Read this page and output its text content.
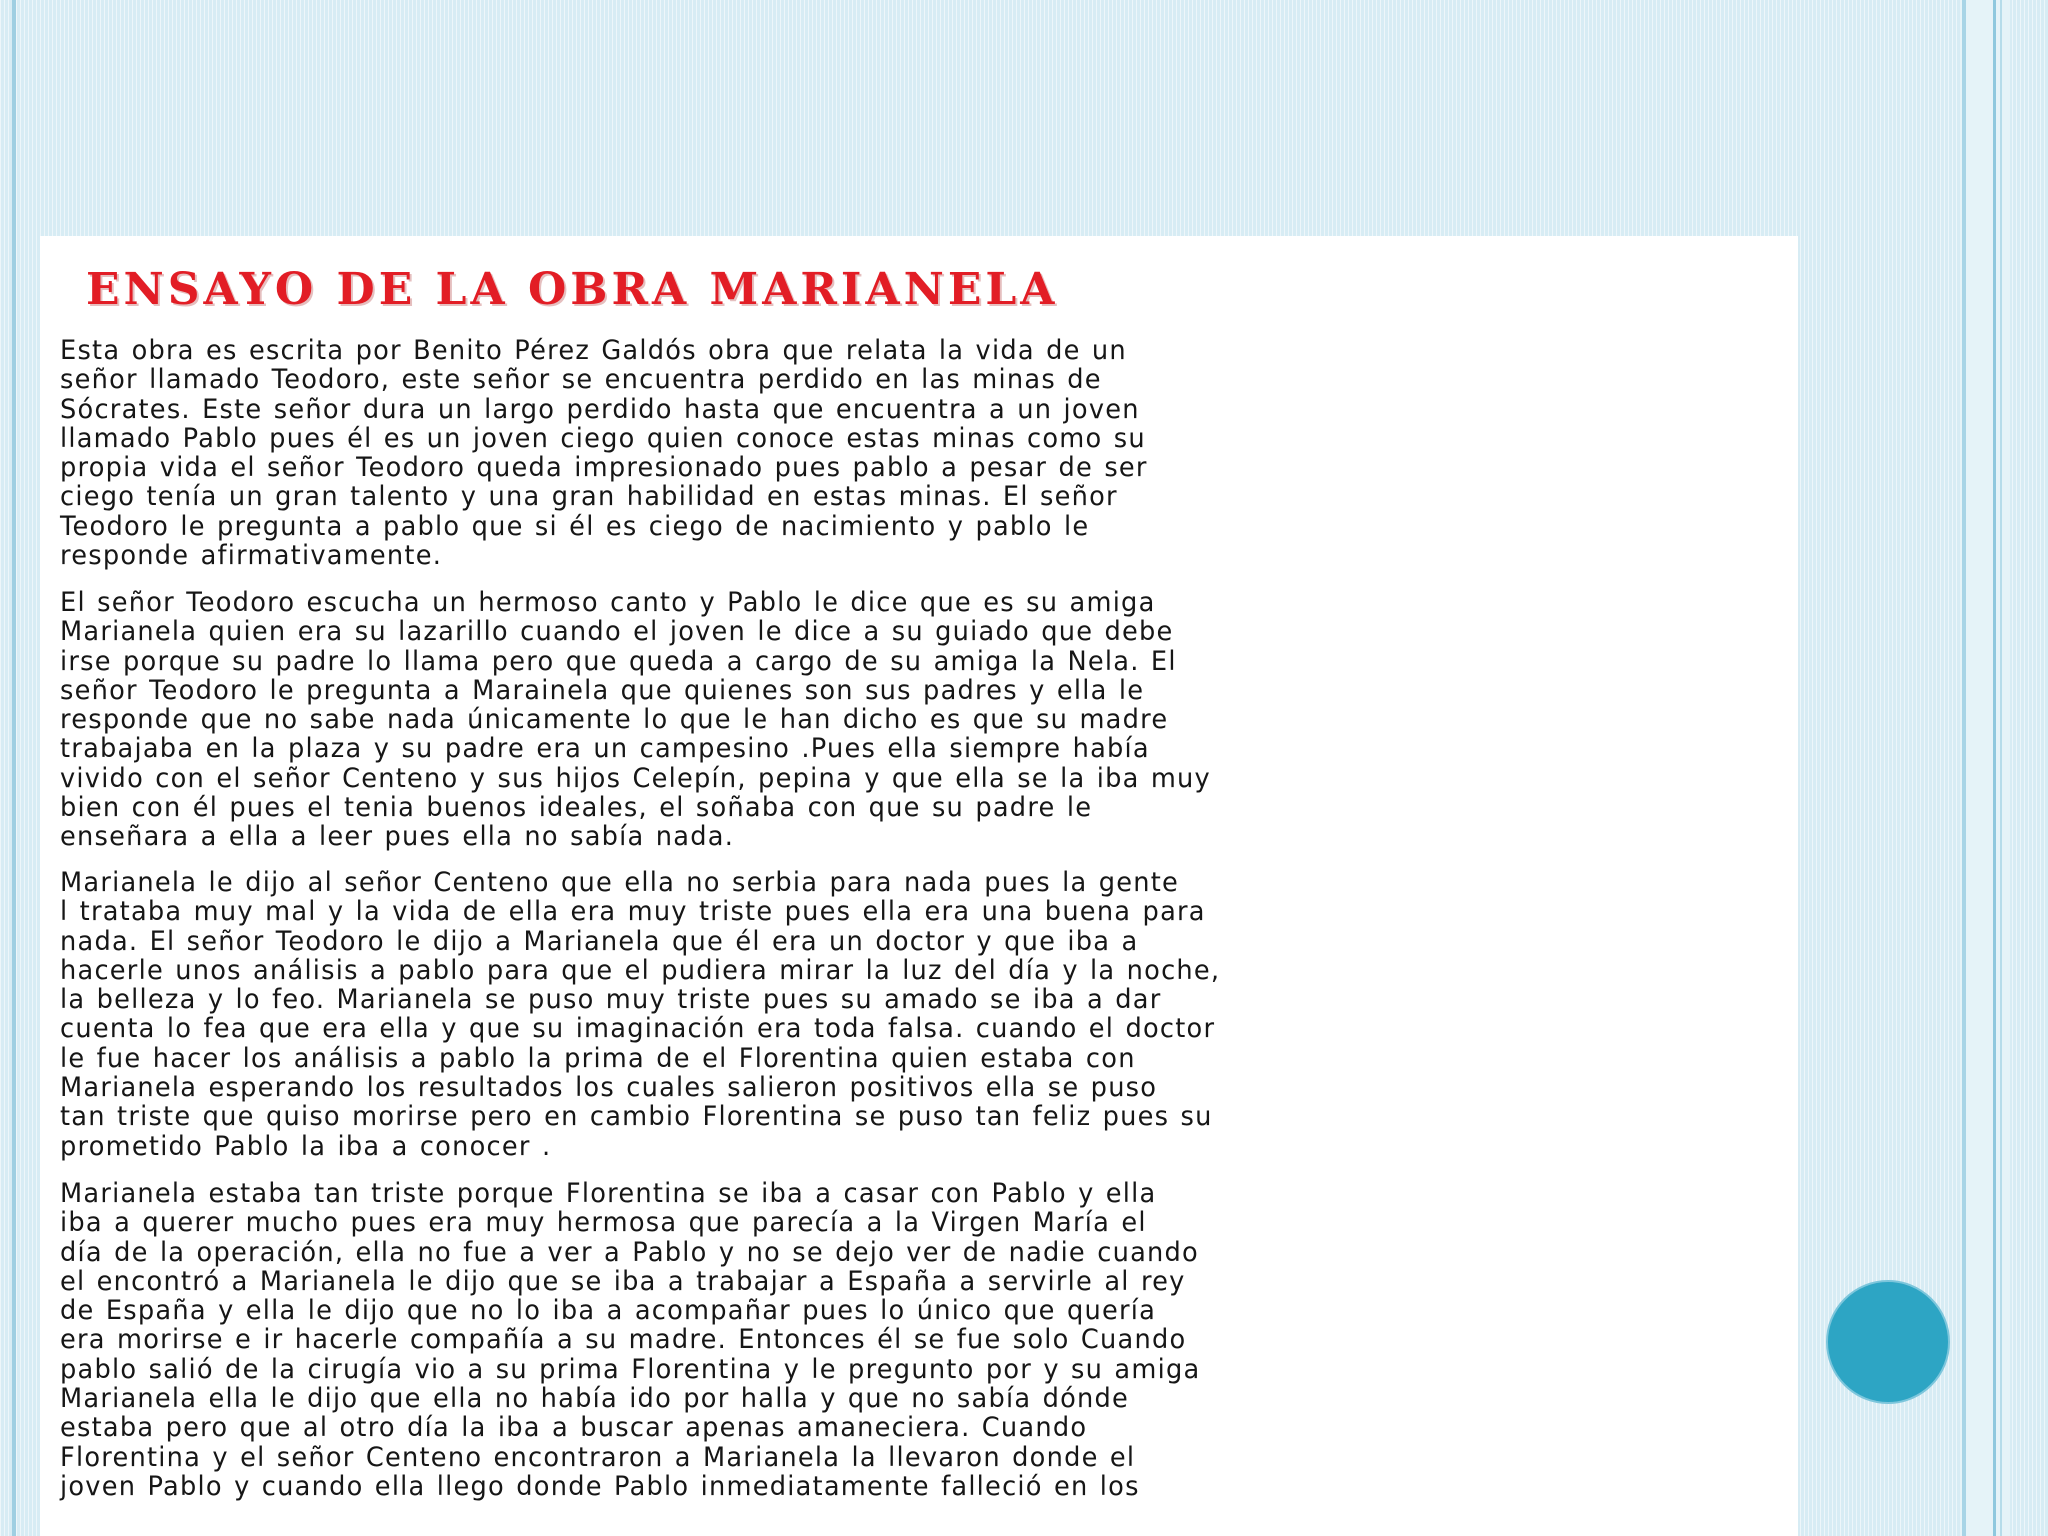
ENSAYO DE LA OBRA MARIANELA

Esta obra es escrita por Benito Pérez Galdós obra que relata la vida de un
señor llamado Teodoro, este señor se encuentra perdido en las minas de
Sócrates. Este señor dura un largo perdido hasta que encuentra a un joven
llamado Pablo pues él es un joven ciego quien conoce estas minas como su
propia vida el señor Teodoro queda impresionado pues pablo a pesar de ser
ciego tenía un gran talento y una gran habilidad en estas minas. El señor
Teodoro le pregunta a pablo que si él es ciego de nacimiento y pablo le
responde afirmativamente.

El señor Teodoro escucha un hermoso canto y Pablo le dice que es su amiga
Marianela quien era su lazarillo cuando el joven le dice a su guiado que debe
irse porque su padre lo llama pero que queda a cargo de su amiga la Nela. El
señor Teodoro le pregunta a Marainela que quienes son sus padres y ella le
responde que no sabe nada únicamente lo que le han dicho es que su madre
trabajaba en la plaza y su padre era un campesino .Pues ella siempre había
vivido con el señor Centeno y sus hijos Celepín, pepina y que ella se la iba muy
bien con él pues el tenia buenos ideales, el soñaba con que su padre le
enseñara a ella a leer pues ella no sabía nada.

Marianela le dijo al señor Centeno que ella no serbia para nada pues la gente
l trataba muy mal y la vida de ella era muy triste pues ella era una buena para
nada. El señor Teodoro le dijo a Marianela que él era un doctor y que iba a
hacerle unos análisis a pablo para que el pudiera mirar la luz del día y la noche,
la belleza y lo feo. Marianela se puso muy triste pues su amado se iba a dar
cuenta lo fea que era ella y que su imaginación era toda falsa. cuando el doctor
le fue hacer los análisis a pablo la prima de el Florentina quien estaba con
Marianela esperando los resultados los cuales salieron positivos ella se puso
tan triste que quiso morirse pero en cambio Florentina se puso tan feliz pues su
prometido Pablo la iba a conocer .

Marianela estaba tan triste porque Florentina se iba a casar con Pablo y ella
iba a querer mucho pues era muy hermosa que parecía a la Virgen María el
día de la operación, ella no fue a ver a Pablo y no se dejo ver de nadie cuando
el encontró a Marianela le dijo que se iba a trabajar a España a servirle al rey
de España y ella le dijo que no lo iba a acompañar pues lo único que quería
era morirse e ir hacerle compañía a su madre. Entonces él se fue solo Cuando
pablo salió de la cirugía vio a su prima Florentina y le pregunto por y su amiga
Marianela ella le dijo que ella no había ido por halla y que no sabía dónde
estaba pero que al otro día la iba a buscar apenas amaneciera. Cuando
Florentina y el señor Centeno encontraron a Marianela la llevaron donde el
joven Pablo y cuando ella llego donde Pablo inmediatamente falleció en los
